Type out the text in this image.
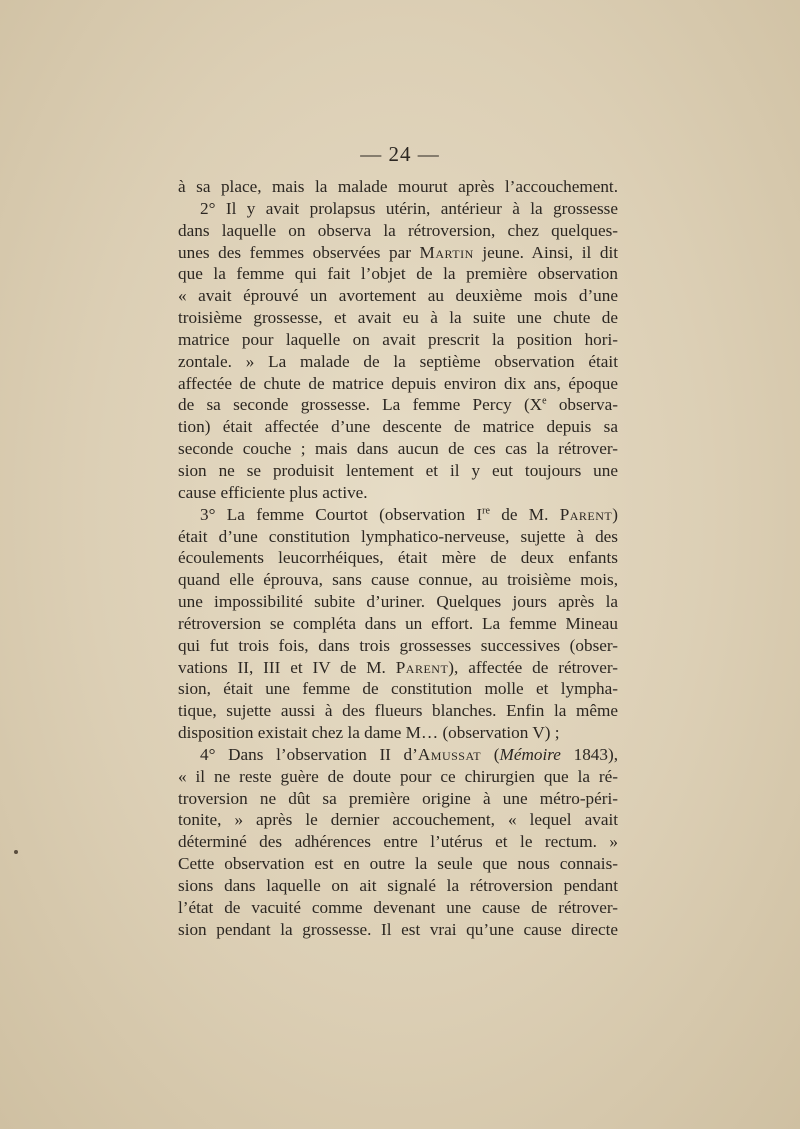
— 24 —
à sa place, mais la malade mourut après l’accouchement.
2° Il y avait prolapsus utérin, antérieur à la grossesse
dans laquelle on observa la rétroversion, chez quelques-
unes des femmes observées par Martin jeune. Ainsi, il dit
que la femme qui fait l’objet de la première observation
« avait éprouvé un avortement au deuxième mois d’une
troisième grossesse, et avait eu à la suite une chute de
matrice pour laquelle on avait prescrit la position hori-
zontale. » La malade de la septième observation était
affectée de chute de matrice depuis environ dix ans, époque
de sa seconde grossesse. La femme Percy (Xe observa-
tion) était affectée d’une descente de matrice depuis sa
seconde couche ; mais dans aucun de ces cas la rétrover-
sion ne se produisit lentement et il y eut toujours une
cause efficiente plus active.
3° La femme Courtot (observation Ire de M. Parent)
était d’une constitution lymphatico-nerveuse, sujette à des
écoulements leucorrhéiques, était mère de deux enfants
quand elle éprouva, sans cause connue, au troisième mois,
une impossibilité subite d’uriner. Quelques jours après la
rétroversion se compléta dans un effort. La femme Mineau
qui fut trois fois, dans trois grossesses successives (obser-
vations II, III et IV de M. Parent), affectée de rétrover-
sion, était une femme de constitution molle et lympha-
tique, sujette aussi à des flueurs blanches. Enfin la même
disposition existait chez la dame M… (observation V) ;
4° Dans l’observation II d’Amussat (Mémoire 1843),
« il ne reste guère de doute pour ce chirurgien que la ré-
troversion ne dût sa première origine à une métro-péri-
tonite, » après le dernier accouchement, « lequel avait
déterminé des adhérences entre l’utérus et le rectum. »
Cette observation est en outre la seule que nous connais-
sions dans laquelle on ait signalé la rétroversion pendant
l’état de vacuité comme devenant une cause de rétrover-
sion pendant la grossesse. Il est vrai qu’une cause directe
